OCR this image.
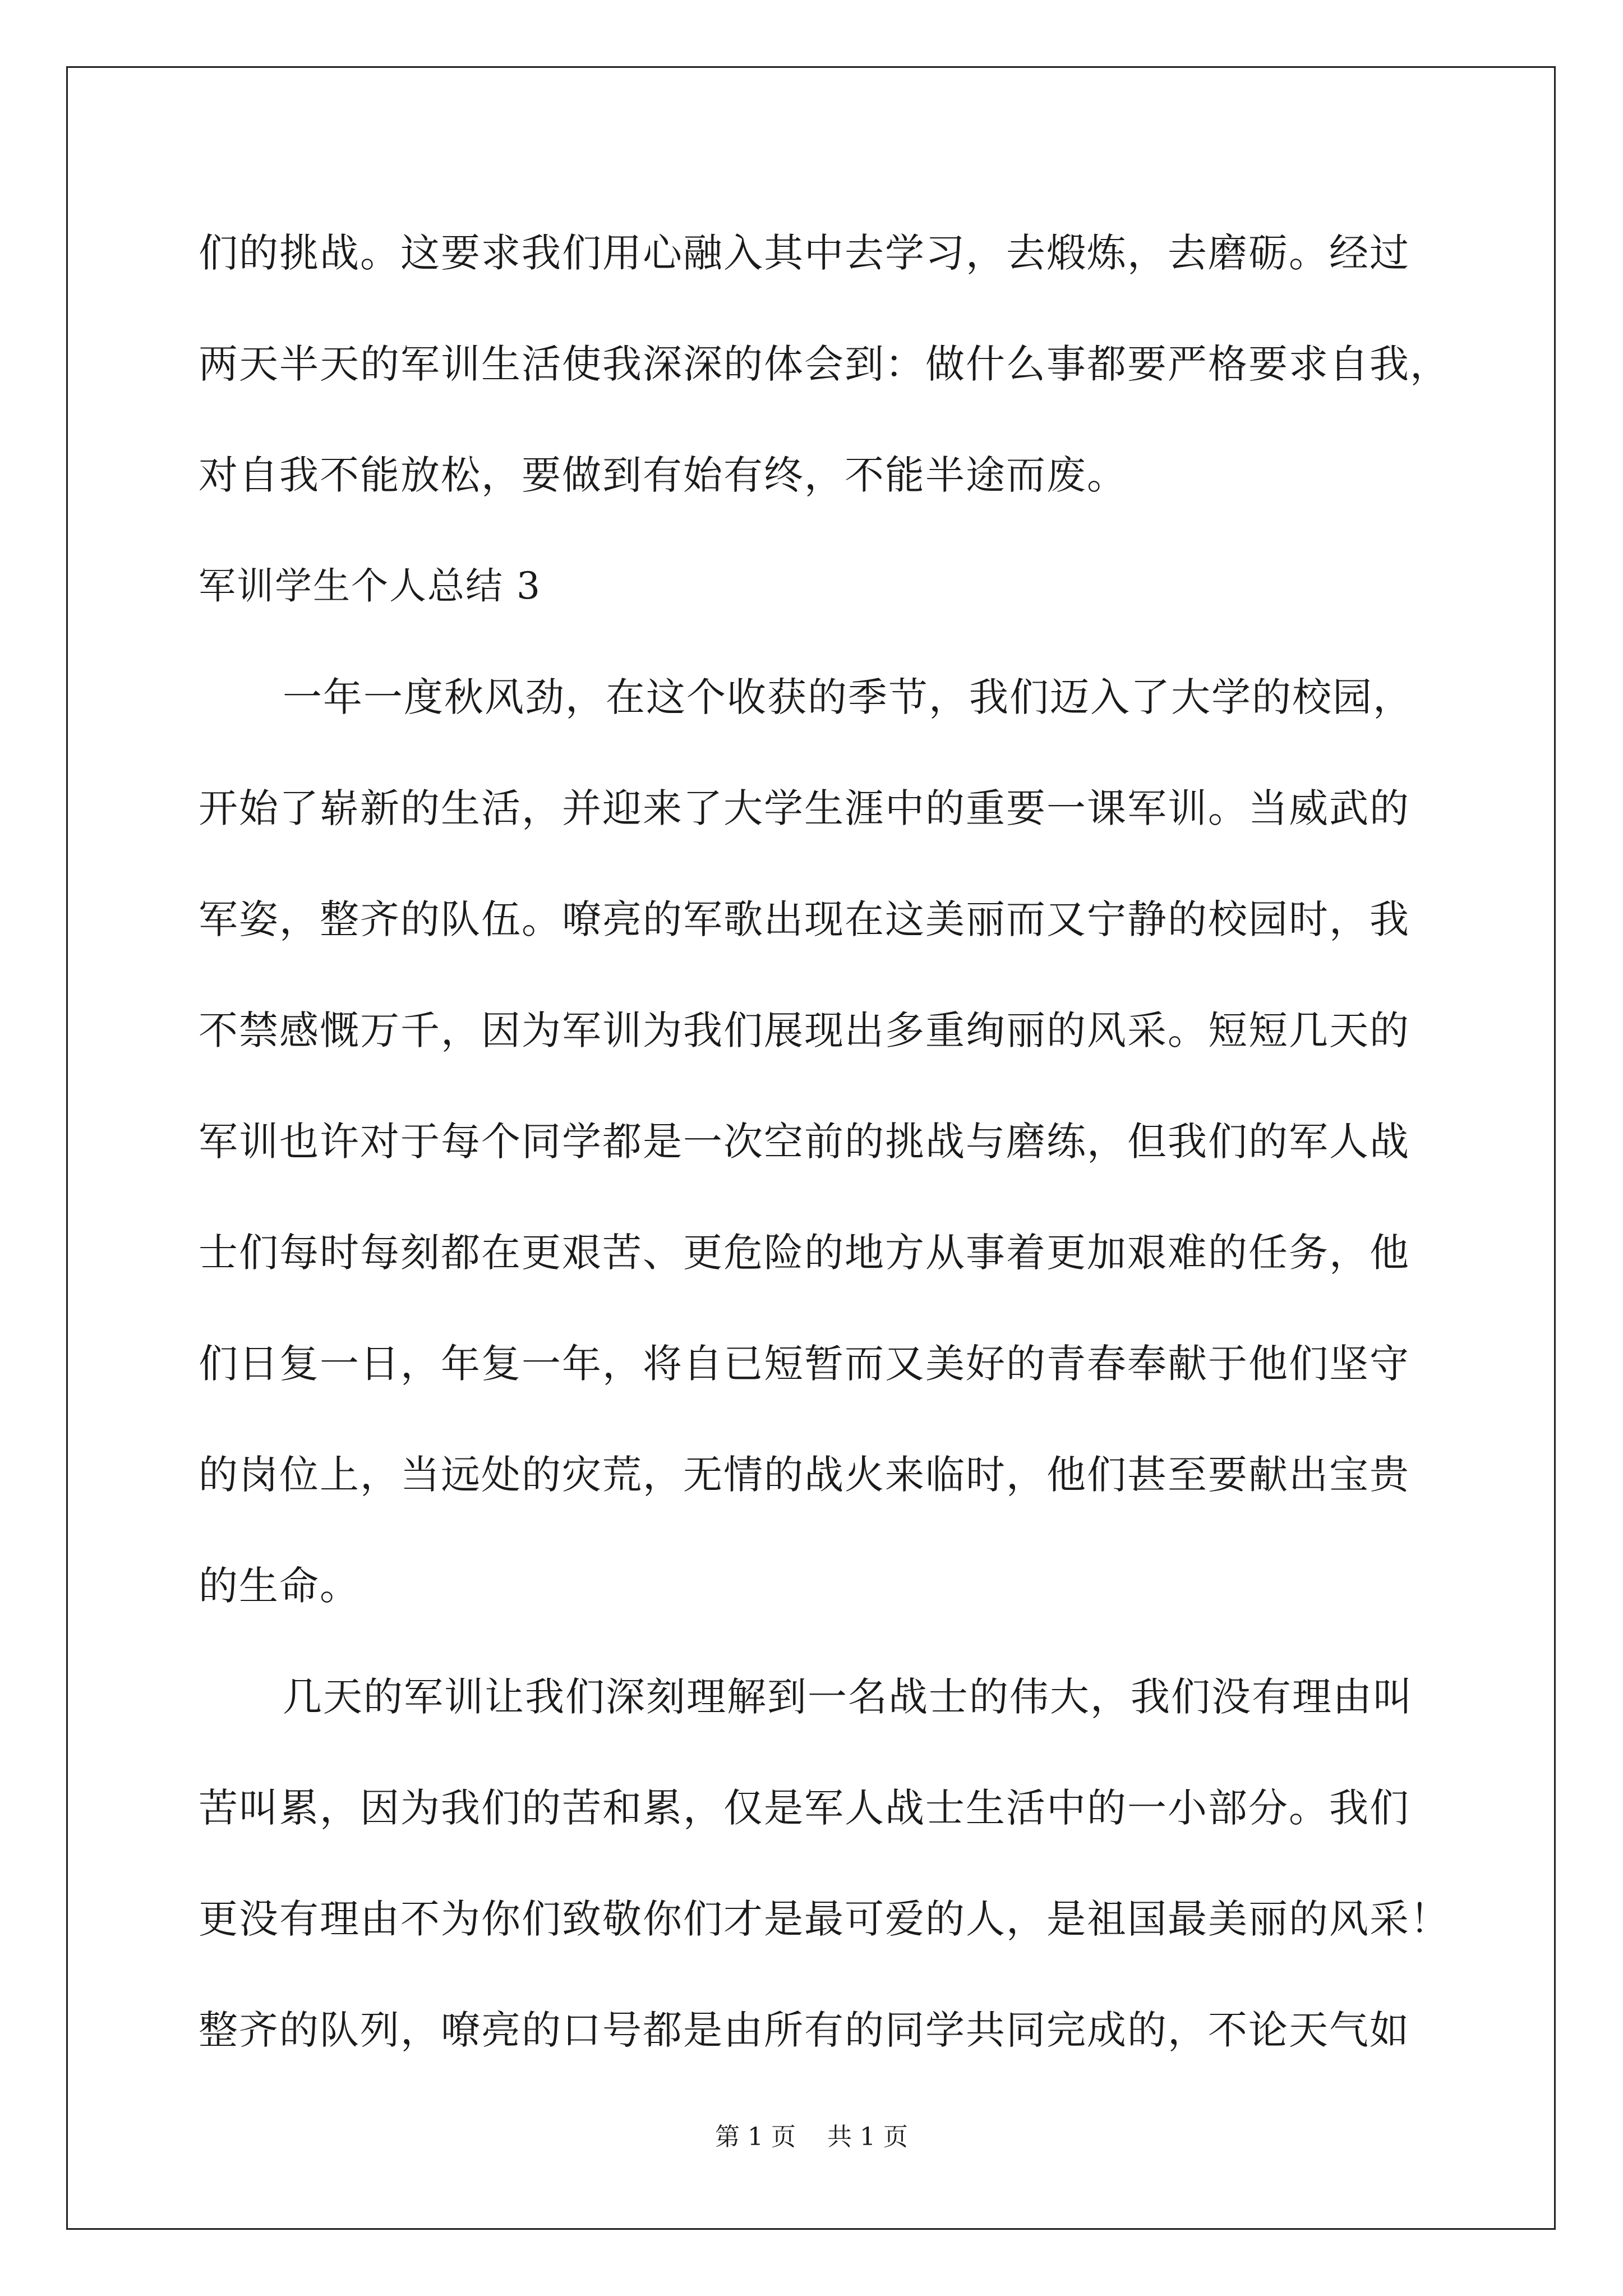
们的挑战。这要求我们用心融入其中去学习，去煅炼，去磨砺。经过
两天半天的军训生活使我深深的体会到：做什么事都要严格要求自我，
对自我不能放松，要做到有始有终，不能半途而废。
军训学生个人总结 3
一年一度秋风劲，在这个收获的季节，我们迈入了大学的校园，
开始了崭新的生活，并迎来了大学生涯中的重要一课军训。当威武的
军姿，整齐的队伍。嘹亮的军歌出现在这美丽而又宁静的校园时，我
不禁感慨万千，因为军训为我们展现出多重绚丽的风采。短短几天的
军训也许对于每个同学都是一次空前的挑战与磨练，但我们的军人战
士们每时每刻都在更艰苦、更危险的地方从事着更加艰难的任务，他
们日复一日，年复一年，将自已短暂而又美好的青春奉献于他们坚守
的岗位上，当远处的灾荒，无情的战火来临时，他们甚至要献出宝贵
的生命。
几天的军训让我们深刻理解到一名战士的伟大，我们没有理由叫
苦叫累，因为我们的苦和累，仅是军人战士生活中的一小部分。我们
更没有理由不为你们致敬你们才是最可爱的人，是祖国最美丽的风采！
整齐的队列，嘹亮的口号都是由所有的同学共同完成的，不论天气如
第 1 页    共 1 页
